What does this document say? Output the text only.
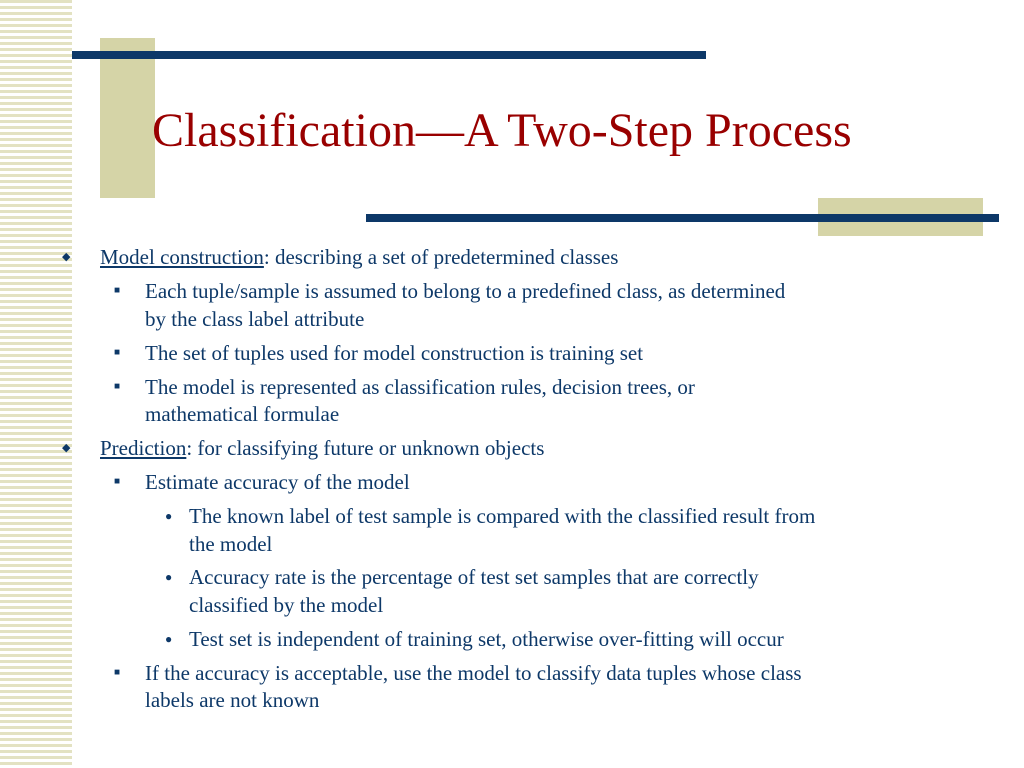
Classification—A Two-Step Process
◆ Model construction: describing a set of predetermined classes
■ Each tuple/sample is assumed to belong to a predefined class, as determined
by the class label attribute
■ The set of tuples used for model construction is training set
■ The model is represented as classification rules, decision trees, or
mathematical formulae
◆ Prediction: for classifying future or unknown objects
■ Estimate accuracy of the model
● The known label of test sample is compared with the classified result from
the model
● Accuracy rate is the percentage of test set samples that are correctly
classified by the model
● Test set is independent of training set, otherwise over-fitting will occur
■ If the accuracy is acceptable, use the model to classify data tuples whose class
labels are not known
